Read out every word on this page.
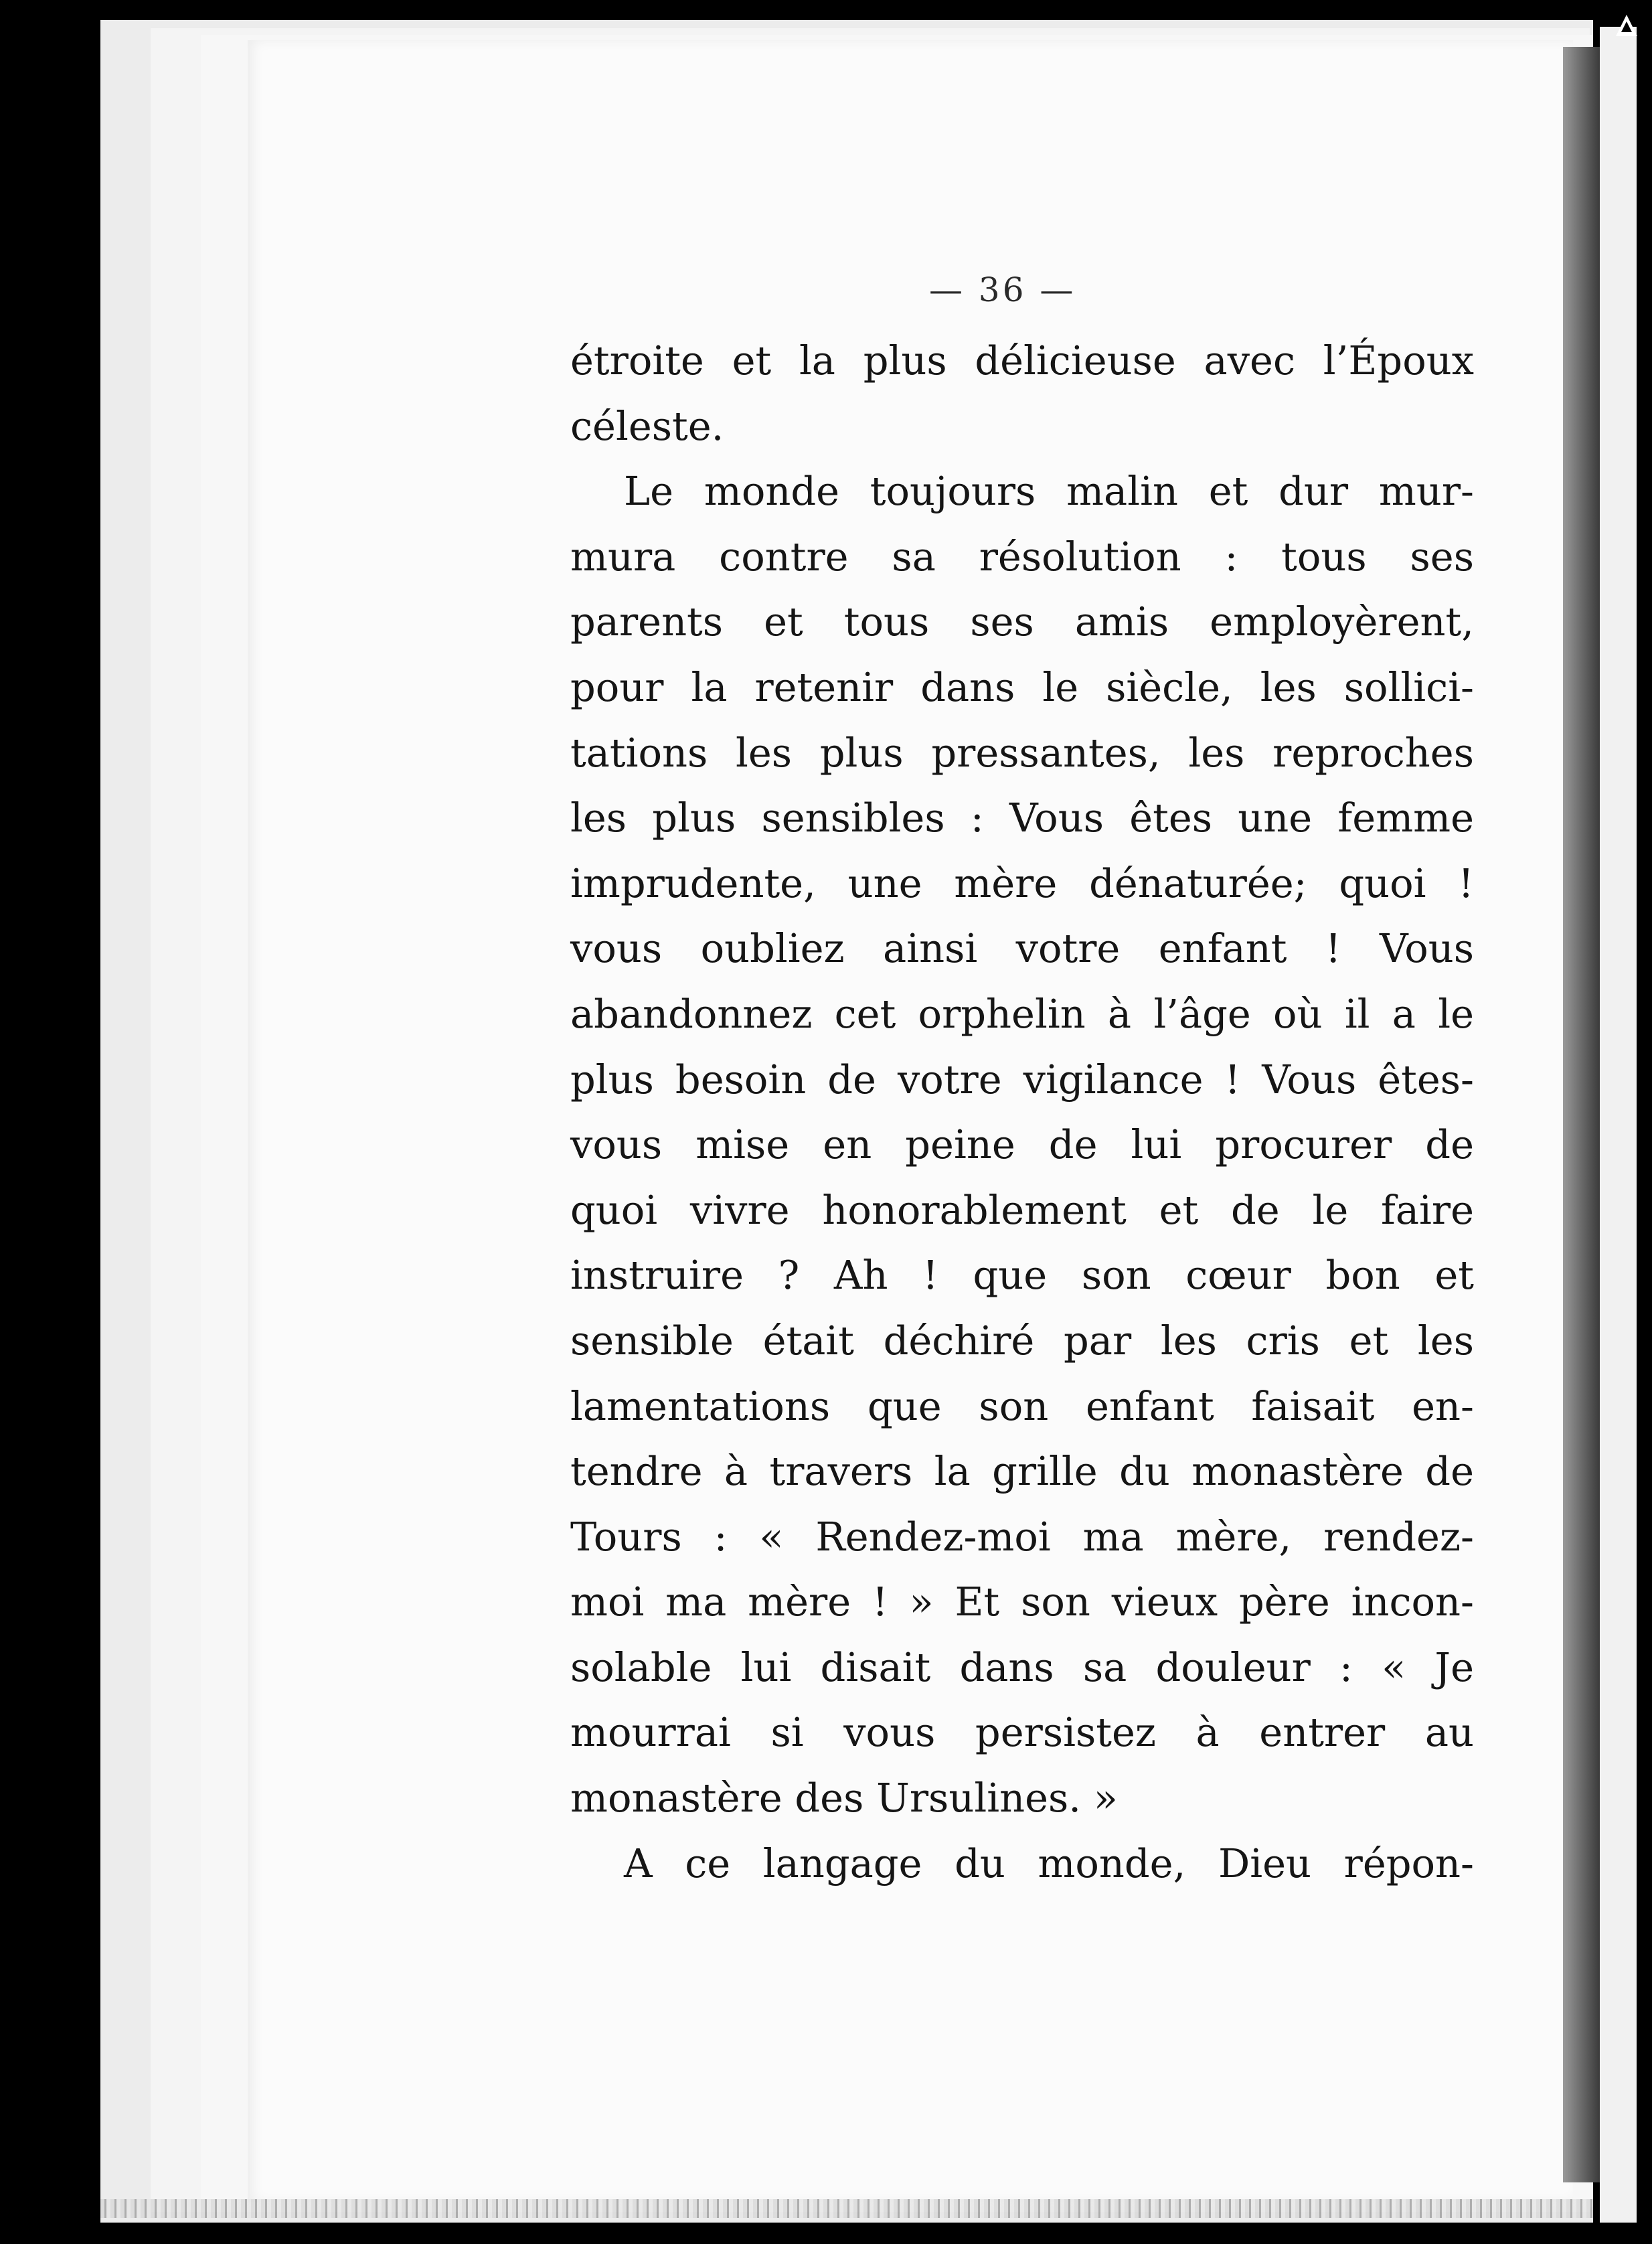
— 36 —
étroite et la plus délicieuse avec l’Époux
céleste.
Le monde toujours malin et dur mur-
mura contre sa résolution : tous ses
parents et tous ses amis employèrent,
pour la retenir dans le siècle, les sollici-
tations les plus pressantes, les reproches
les plus sensibles : Vous êtes une femme
imprudente, une mère dénaturée; quoi !
vous oubliez ainsi votre enfant ! Vous
abandonnez cet orphelin à l’âge où il a le
plus besoin de votre vigilance ! Vous êtes-
vous mise en peine de lui procurer de
quoi vivre honorablement et de le faire
instruire ? Ah ! que son cœur bon et
sensible était déchiré par les cris et les
lamentations que son enfant faisait en-
tendre à travers la grille du monastère de
Tours : « Rendez-moi ma mère, rendez-
moi ma mère ! » Et son vieux père incon-
solable lui disait dans sa douleur : « Je
mourrai si vous persistez à entrer au
monastère des Ursulines. »
A ce langage du monde, Dieu répon-
